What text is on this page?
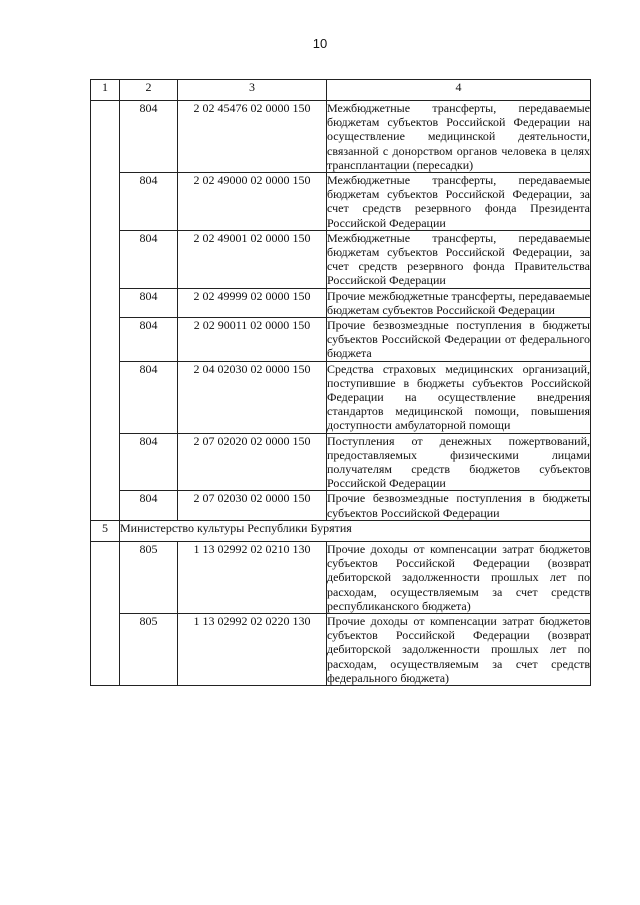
10
1	2	3	4
	804	2 02 45476 02 0000 150	Межбюджетные трансферты, передаваемые бюджетам субъектов Российской Федерации на осуществление медицинской деятельности, связанной с донорством органов человека в целях трансплантации (пересадки)
	804	2 02 49000 02 0000 150	Межбюджетные трансферты, передаваемые бюджетам субъектов Российской Федерации, за счет средств резервного фонда Президента Российской Федерации
	804	2 02 49001 02 0000 150	Межбюджетные трансферты, передаваемые бюджетам субъектов Российской Федерации, за счет средств резервного фонда Правительства Российской Федерации
	804	2 02 49999 02 0000 150	Прочие межбюджетные трансферты, передаваемые бюджетам субъектов Российской Федерации
	804	2 02 90011 02 0000 150	Прочие безвозмездные поступления в бюджеты субъектов Российской Федерации от федерального бюджета
	804	2 04 02030 02 0000 150	Средства страховых медицинских организаций, поступившие в бюджеты субъектов Российской Федерации на осуществление внедрения стандартов медицинской помощи, повышения доступности амбулаторной помощи
	804	2 07 02020 02 0000 150	Поступления от денежных пожертвований, предоставляемых физическими лицами получателям средств бюджетов субъектов Российской Федерации
	804	2 07 02030 02 0000 150	Прочие безвозмездные поступления в бюджеты субъектов Российской Федерации
5	Министерство культуры Республики Бурятия		
	805	1 13 02992 02 0210 130	Прочие доходы от компенсации затрат бюджетов субъектов Российской Федерации (возврат дебиторской задолженности прошлых лет по расходам, осуществляемым за счет средств республиканского бюджета)
	805	1 13 02992 02 0220 130	Прочие доходы от компенсации затрат бюджетов субъектов Российской Федерации (возврат дебиторской задолженности прошлых лет по расходам, осуществляемым за счет средств федерального бюджета)
